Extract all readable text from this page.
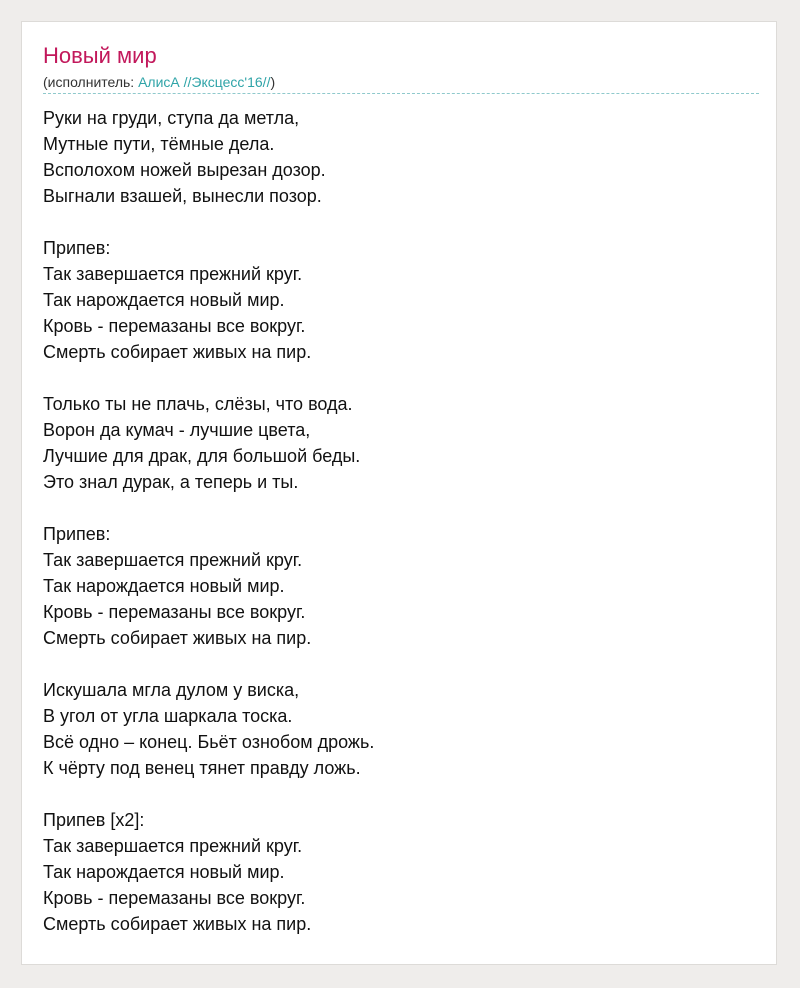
Новый мир
(исполнитель: АлисА //Эксцесс'16//)
Руки на груди, ступа да метла,
Мутные пути, тёмные дела.
Всполохом ножей вырезан дозор.
Выгнали взашей, вынесли позор.
Припев:
Так завершается прежний круг.
Так нарождается новый мир.
Кровь - перемазаны все вокруг.
Смерть собирает живых на пир.
Только ты не плачь, слёзы, что вода.
Ворон да кумач - лучшие цвета,
Лучшие для драк, для большой беды.
Это знал дурак, а теперь и ты.
Припев:
Так завершается прежний круг.
Так нарождается новый мир.
Кровь - перемазаны все вокруг.
Смерть собирает живых на пир.
Искушала мгла дулом у виска,
В угол от угла шаркала тоска.
Всё одно – конец. Бьёт ознобом дрожь.
К чёрту под венец тянет правду ложь.
Припев [x2]:
Так завершается прежний круг.
Так нарождается новый мир.
Кровь - перемазаны все вокруг.
Смерть собирает живых на пир.
